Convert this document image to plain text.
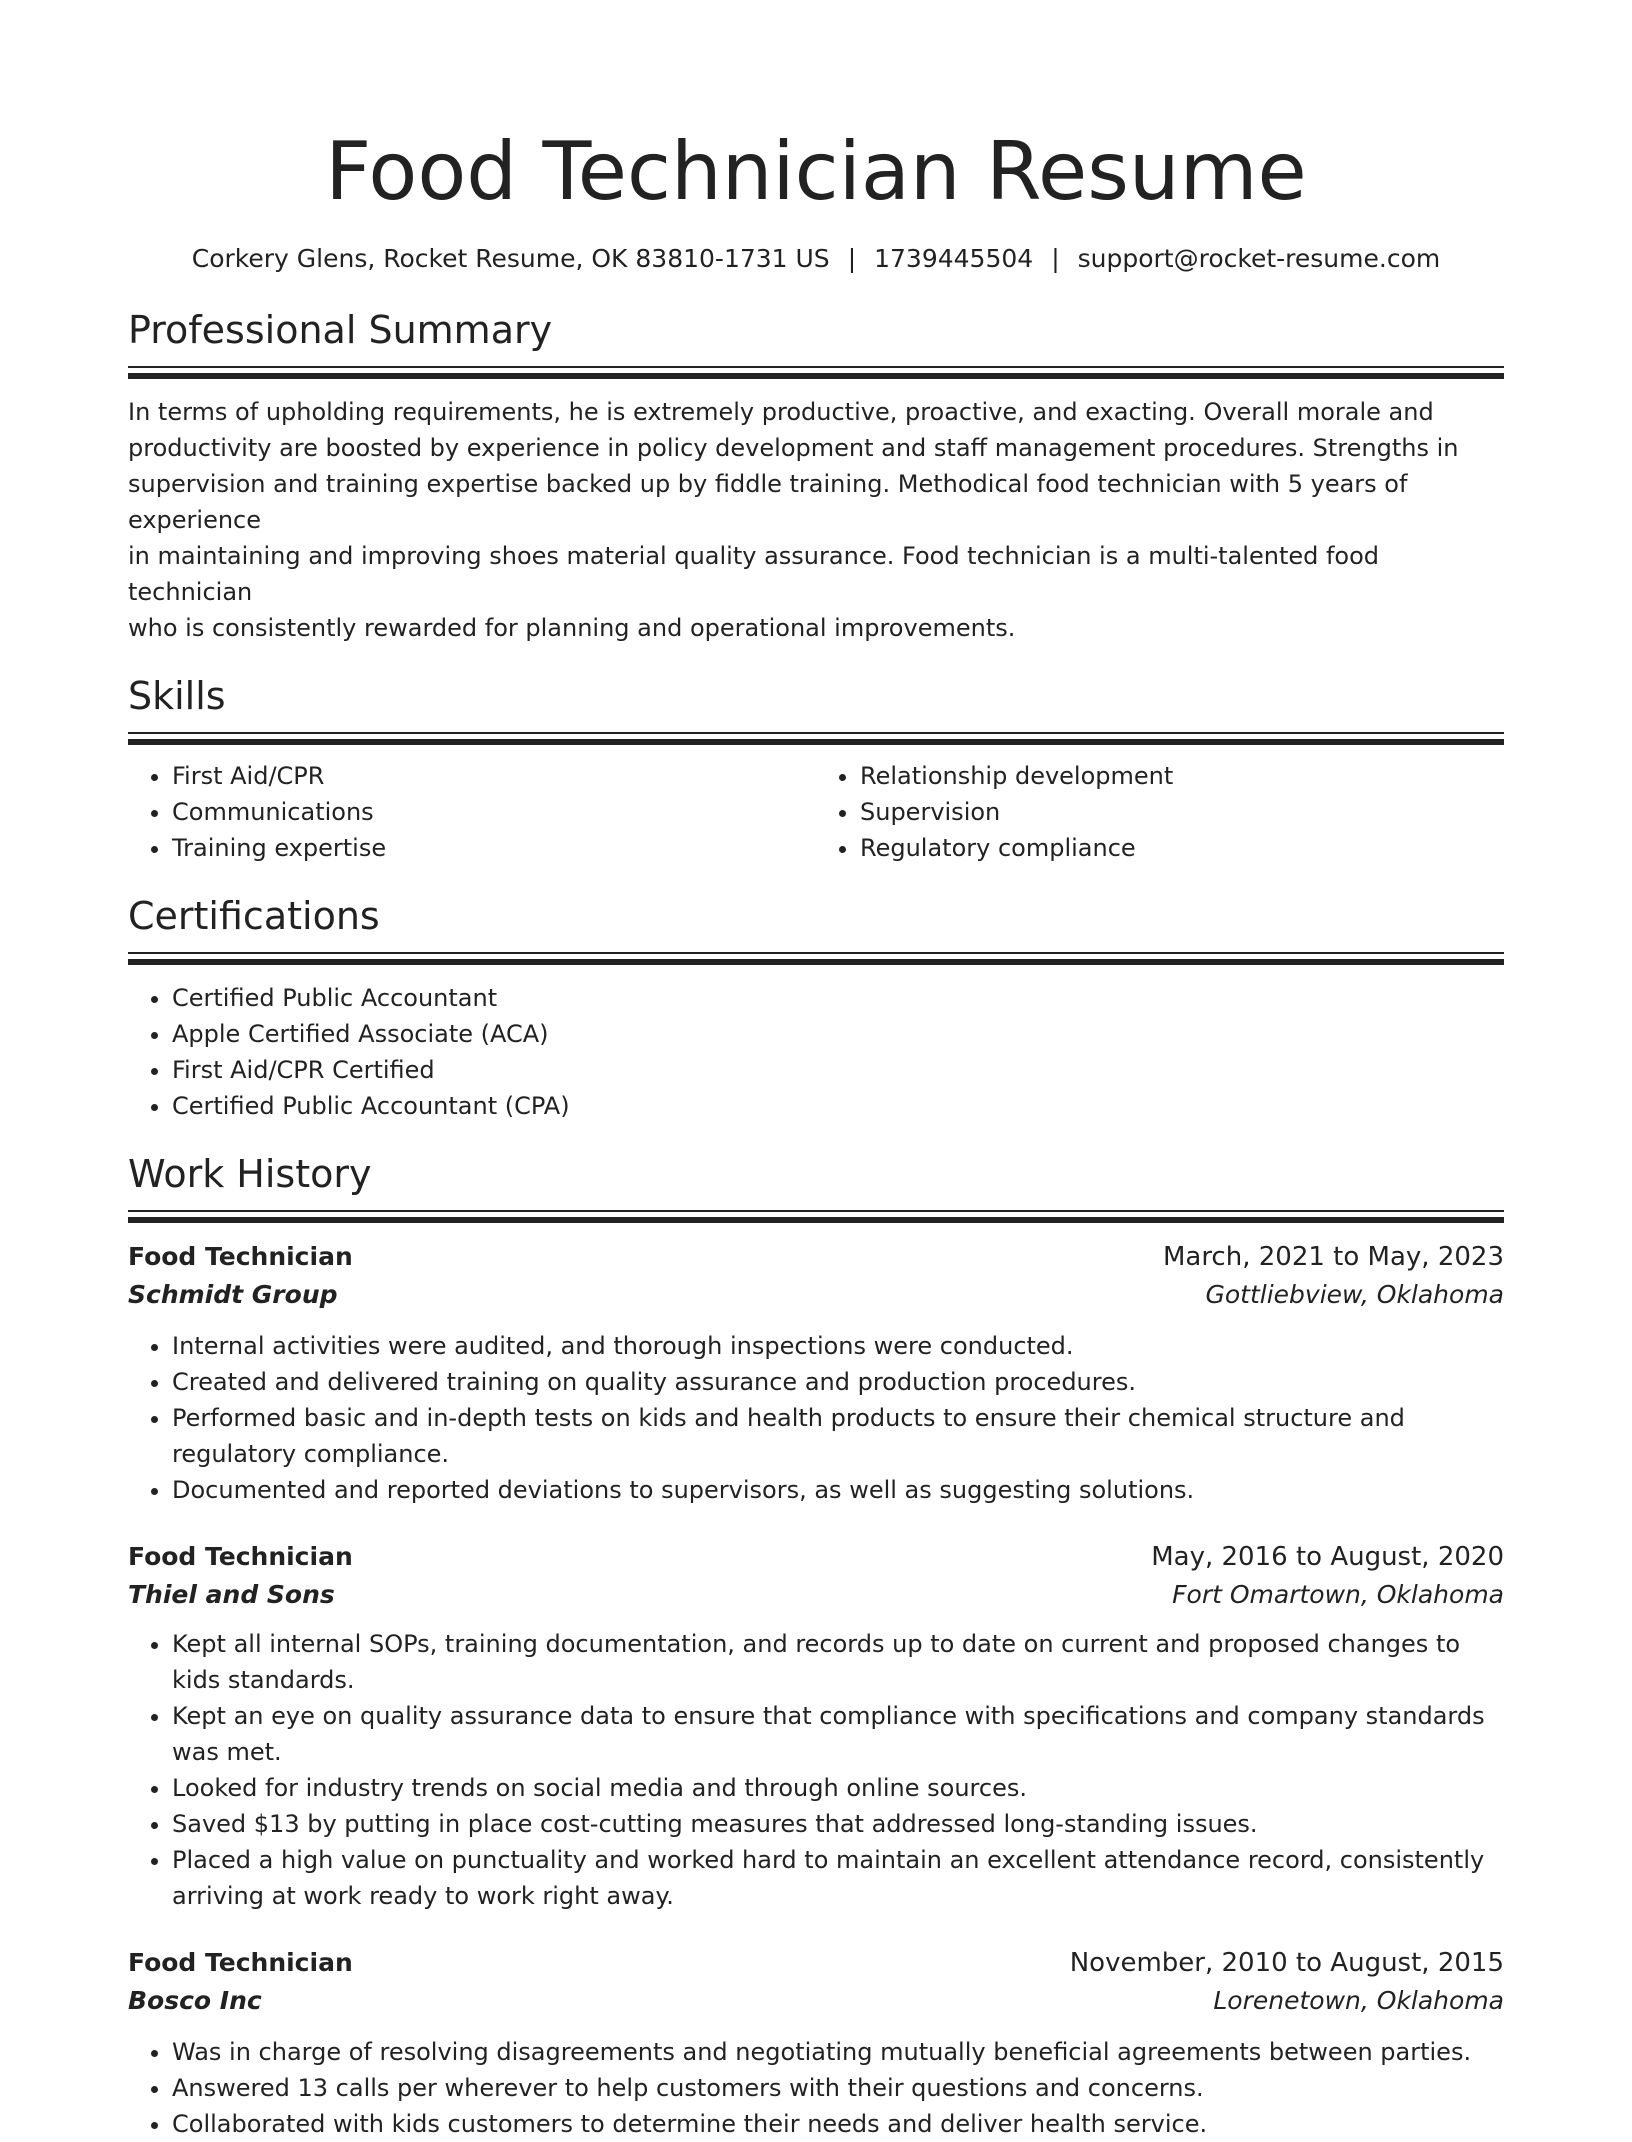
Food Technician Resume
Corkery Glens, Rocket Resume, OK 83810-1731 US | 1739445504 | support@rocket-resume.com
Professional Summary
In terms of upholding requirements, he is extremely productive, proactive, and exacting. Overall morale and
productivity are boosted by experience in policy development and staff management procedures. Strengths in
supervision and training expertise backed up by fiddle training. Methodical food technician with 5 years of experience
in maintaining and improving shoes material quality assurance. Food technician is a multi-talented food technician
who is consistently rewarded for planning and operational improvements.
Skills
• First Aid/CPR
• Communications
• Training expertise
• Relationship development
• Supervision
• Regulatory compliance
Certifications
• Certified Public Accountant
• Apple Certified Associate (ACA)
• First Aid/CPR Certified
• Certified Public Accountant (CPA)
Work History
Food Technician	March, 2021 to May, 2023
Schmidt Group	Gottliebview, Oklahoma
• Internal activities were audited, and thorough inspections were conducted.
• Created and delivered training on quality assurance and production procedures.
• Performed basic and in-depth tests on kids and health products to ensure their chemical structure and regulatory compliance.
• Documented and reported deviations to supervisors, as well as suggesting solutions.
Food Technician	May, 2016 to August, 2020
Thiel and Sons	Fort Omartown, Oklahoma
• Kept all internal SOPs, training documentation, and records up to date on current and proposed changes to kids standards.
• Kept an eye on quality assurance data to ensure that compliance with specifications and company standards was met.
• Looked for industry trends on social media and through online sources.
• Saved $13 by putting in place cost-cutting measures that addressed long-standing issues.
• Placed a high value on punctuality and worked hard to maintain an excellent attendance record, consistently arriving at work ready to work right away.
Food Technician	November, 2010 to August, 2015
Bosco Inc	Lorenetown, Oklahoma
• Was in charge of resolving disagreements and negotiating mutually beneficial agreements between parties.
• Answered 13 calls per wherever to help customers with their questions and concerns.
• Collaborated with kids customers to determine their needs and deliver health service.
